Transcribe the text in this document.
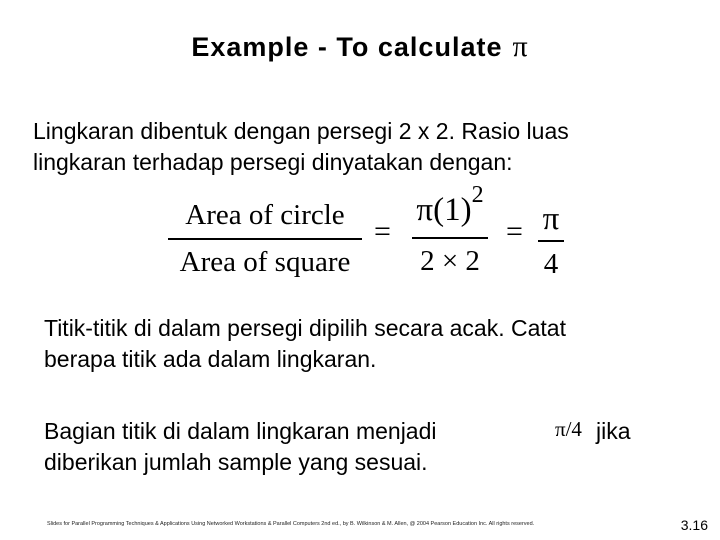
Example - To calculate π
Lingkaran dibentuk dengan persegi 2 x 2. Rasio luas
lingkaran terhadap persegi dinyatakan dengan:
Area of circle
Area of square
=
$\pi(1)^2$
2 × 2
= π
4
Titik-titik di dalam persegi dipilih secara acak. Catat
berapa titik ada dalam lingkaran.
Bagian titik di dalam lingkaran menjadi
diberikan jumlah sample yang sesuai.
π/4 jika
Slides for Parallel Programming Techniques & Applications Using Networked Workstations & Parallel Computers 2nd ed., by B. Wilkinson & M. Allen, @ 2004 Pearson Education Inc. All rights reserved.	3.16
